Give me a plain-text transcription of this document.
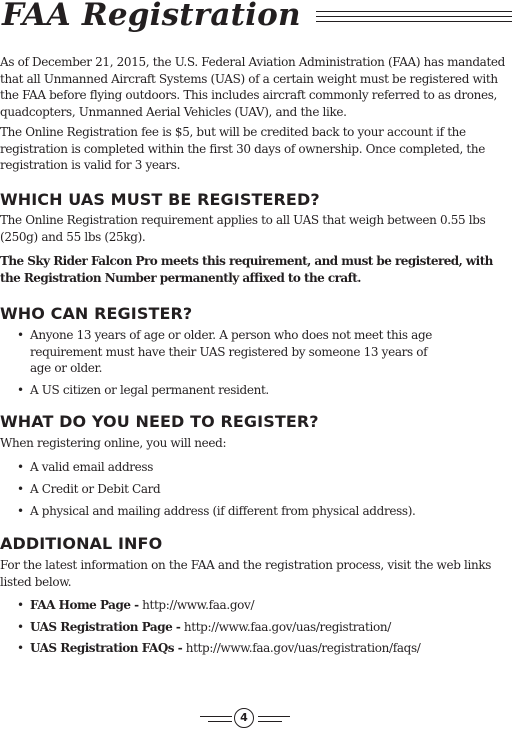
FAA Registration

As of December 21, 2015, the U.S. Federal Aviation Administration (FAA) has mandated that all Unmanned Aircraft Systems (UAS) of a certain weight must be registered with the FAA before flying outdoors. This includes aircraft commonly referred to as drones, quadcopters, Unmanned Aerial Vehicles (UAV), and the like.

The Online Registration fee is $5, but will be credited back to your account if the registration is completed within the first 30 days of ownership. Once completed, the registration is valid for 3 years.

WHICH UAS MUST BE REGISTERED?

The Online Registration requirement applies to all UAS that weigh between 0.55 lbs (250g) and 55 lbs (25kg).

The Sky Rider Falcon Pro meets this requirement, and must be registered, with the Registration Number permanently affixed to the craft.

WHO CAN REGISTER?
• Anyone 13 years of age or older. A person who does not meet this age requirement must have their UAS registered by someone 13 years of age or older.
• A US citizen or legal permanent resident.
WHAT DO YOU NEED TO REGISTER?

When registering online, you will need:

• A valid email address
• A Credit or Debit Card
• A physical and mailing address (if different from physical address).
ADDITIONAL INFO

For the latest information on the FAA and the registration process, visit the web links listed below.

• FAA Home Page - http://www.faa.gov/
• UAS Registration Page - http://www.faa.gov/uas/registration/
• UAS Registration FAQs - http://www.faa.gov/uas/registration/faqs/
4
